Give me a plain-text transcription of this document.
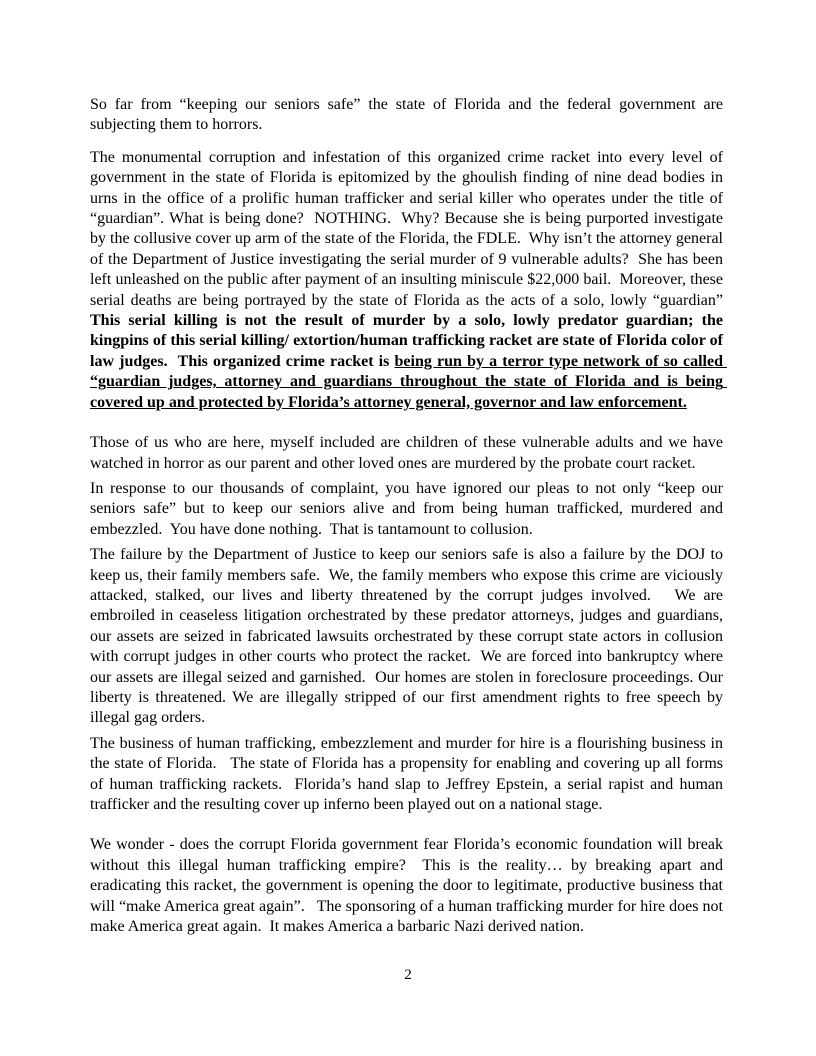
So far from “keeping our seniors safe” the state of Florida and the federal government are subjecting them to horrors.

The monumental corruption and infestation of this organized crime racket into every level of government in the state of Florida is epitomized by the ghoulish finding of nine dead bodies in urns in the office of a prolific human trafficker and serial killer who operates under the title of “guardian”. What is being done?  NOTHING.  Why? Because she is being purported investigate by the collusive cover up arm of the state of the Florida, the FDLE.  Why isn’t the attorney general of the Department of Justice investigating the serial murder of 9 vulnerable adults?  She has been left unleashed on the public after payment of an insulting miniscule $22,000 bail.  Moreover, these serial deaths are being portrayed by the state of Florida as the acts of a solo, lowly “guardian”    This serial killing is not the result of murder by a solo, lowly predator guardian; the kingpins of this serial killing/ extortion/human trafficking racket are state of Florida color of law judges.  This organized crime racket is being run by a terror type network of so called “guardian judges, attorney and guardians throughout the state of Florida and is being covered up and protected by Florida’s attorney general, governor and law enforcement.

Those of us who are here, myself included are children of these vulnerable adults and we have watched in horror as our parent and other loved ones are murdered by the probate court racket.

In response to our thousands of complaint, you have ignored our pleas to not only “keep our seniors safe” but to keep our seniors alive and from being human trafficked, murdered and embezzled.  You have done nothing.  That is tantamount to collusion.

The failure by the Department of Justice to keep our seniors safe is also a failure by the DOJ to keep us, their family members safe.  We, the family members who expose this crime are viciously attacked, stalked, our lives and liberty threatened by the corrupt judges involved.   We are embroiled in ceaseless litigation orchestrated by these predator attorneys, judges and guardians, our assets are seized in fabricated lawsuits orchestrated by these corrupt state actors in collusion with corrupt judges in other courts who protect the racket.  We are forced into bankruptcy where our assets are illegal seized and garnished.  Our homes are stolen in foreclosure proceedings. Our liberty is threatened. We are illegally stripped of our first amendment rights to free speech by illegal gag orders.

The business of human trafficking, embezzlement and murder for hire is a flourishing business in the state of Florida.   The state of Florida has a propensity for enabling and covering up all forms of human trafficking rackets.  Florida’s hand slap to Jeffrey Epstein, a serial rapist and human trafficker and the resulting cover up inferno been played out on a national stage.

We wonder - does the corrupt Florida government fear Florida’s economic foundation will break without this illegal human trafficking empire?  This is the reality… by breaking apart and eradicating this racket, the government is opening the door to legitimate, productive business that will “make America great again”.   The sponsoring of a human trafficking murder for hire does not make America great again.  It makes America a barbaric Nazi derived nation.

2
